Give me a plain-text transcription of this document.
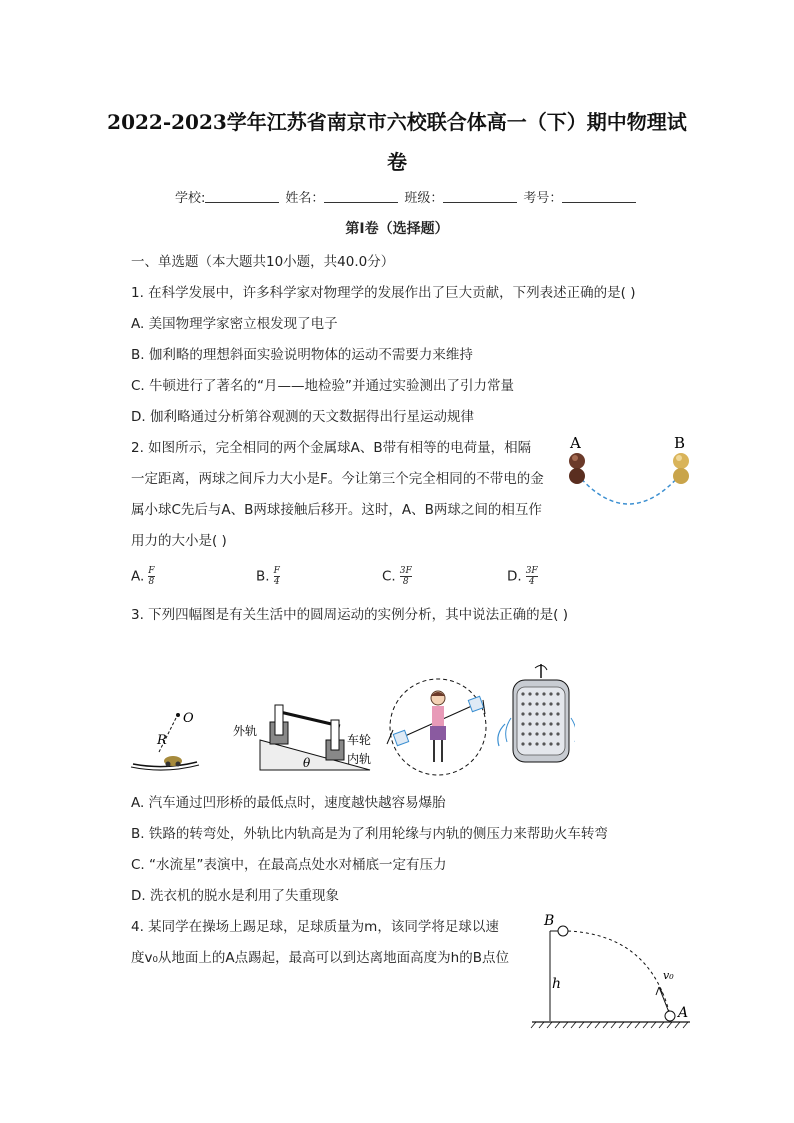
2022-2023学年江苏省南京市六校联合体高一（下）期中物理试
卷
学校:	姓名：	班级：	考号：
第Ⅰ卷（选择题）
一、单选题（本大题共10小题，共40.0分）
1. 在科学发展中，许多科学家对物理学的发展作出了巨大贡献，下列表述正确的是( )
A. 美国物理学家密立根发现了电子
B. 伽利略的理想斜面实验说明物体的运动不需要力来维持
C. 牛顿进行了著名的“月——地检验”并通过实验测出了引力常量
D. 伽利略通过分析第谷观测的天文数据得出行星运动规律
2. 如图所示，完全相同的两个金属球A、B带有相等的电荷量，相隔
一定距离，两球之间斥力大小是F。今让第三个完全相同的不带电的金
属小球C先后与A、B两球接触后移开。这时，A、B两球之间的相互作
用力的大小是( )
A	B
A. $\frac{F}{8}$	B. $\frac{F}{4}$	C. $\frac{3F}{8}$	D. $\frac{3F}{4}$
3. 下列四幅图是有关生活中的圆周运动的实例分析，其中说法正确的是( )
O
R
外轨
车轮
内轨
θ
A. 汽车通过凹形桥的最低点时，速度越快越容易爆胎
B. 铁路的转弯处，外轨比内轨高是为了利用轮缘与内轨的侧压力来帮助火车转弯
C. “水流星”表演中，在最高点处水对桶底一定有压力
D. 洗衣机的脱水是利用了失重现象
4. 某同学在操场上踢足球，足球质量为m，该同学将足球以速
度v₀从地面上的A点踢起，最高可以到达离地面高度为h的B点位
B
h
v₀
A
